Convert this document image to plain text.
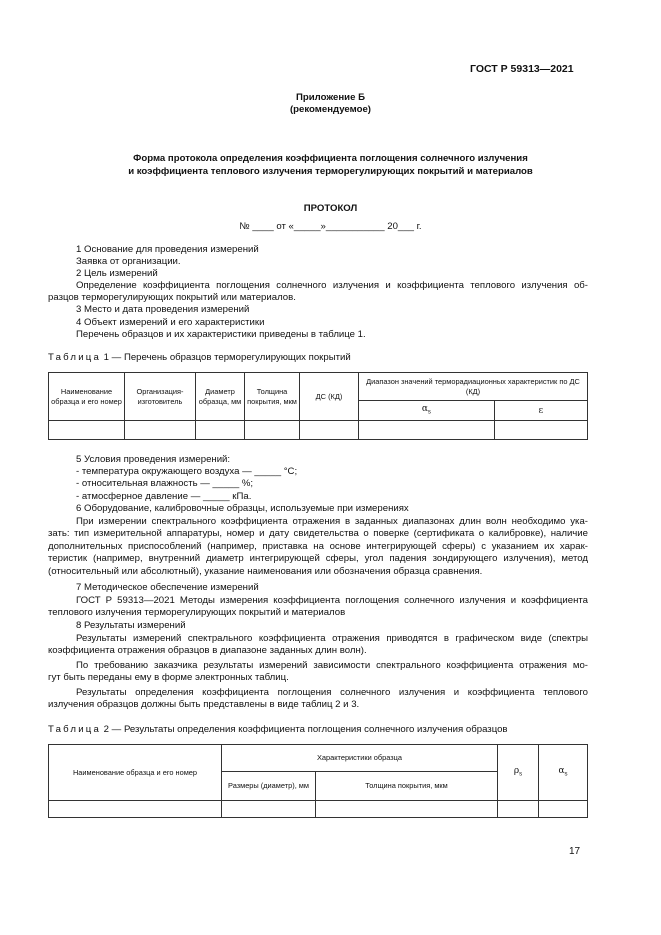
ГОСТ Р 59313—2021
Приложение Б
(рекомендуемое)
Форма протокола определения коэффициента поглощения солнечного излучения
и коэффициента теплового излучения терморегулирующих покрытий и материалов
ПРОТОКОЛ
№ ____ от «_____»___________ 20___ г.
1 Основание для проведения измерений
Заявка от организации.
2 Цель измерений
Определение коэффициента поглощения солнечного излучения и коэффициента теплового излучения об-
разцов терморегулирующих покрытий или материалов.
3 Место и дата проведения измерений
4 Объект измерений и его характеристики
Перечень образцов и их характеристики приведены в таблице 1.
Таблица 1 — Перечень образцов терморегулирующих покрытий
Наименование образца и его номер	Организация-изготовитель	Диаметр образца, мм	Толщина покрытия, мкм	ДС (КД)	Диапазон значений терморадиационных характеристик по ДС (КД)	
					$\alpha_s$	ε

5 Условия проведения измерений:
- температура окружающего воздуха — _____ °С;
- относительная влажность — _____ %;
- атмосферное давление — _____ кПа.
6 Оборудование, калибровочные образцы, используемые при измерениях
При измерении спектрального коэффициента отражения в заданных диапазонах длин волн необходимо ука-
зать: тип измерительной аппаратуры, номер и дату свидетельства о поверке (сертификата о калибровке), наличие
дополнительных приспособлений (например, приставка на основе интегрирующей сферы) с указанием их харак-
теристик (например, внутренний диаметр интегрирующей сферы, угол падения зондирующего излучения), метод
(относительный или абсолютный), указание наименования или обозначения образца сравнения.
7 Методическое обеспечение измерений
ГОСТ Р 59313—2021 Методы измерения коэффициента поглощения солнечного излучения и коэффициента
теплового излучения терморегулирующих покрытий и материалов
8 Результаты измерений
Результаты измерений спектрального коэффициента отражения приводятся в графическом виде (спектры
коэффициента отражения образцов в диапазоне заданных длин волн).
По требованию заказчика результаты измерений зависимости спектрального коэффициента отражения мо-
гут быть переданы ему в форме электронных таблиц.
Результаты определения коэффициента поглощения солнечного излучения и коэффициента теплового
излучения образцов должны быть представлены в виде таблиц 2 и 3.
Таблица 2 — Результаты определения коэффициента поглощения солнечного излучения образцов
Наименование образца и его номер	Характеристики образца		$\rho_s$	$\alpha_s$
	Размеры (диаметр), мм	Толщина покрытия, мкм		

17
